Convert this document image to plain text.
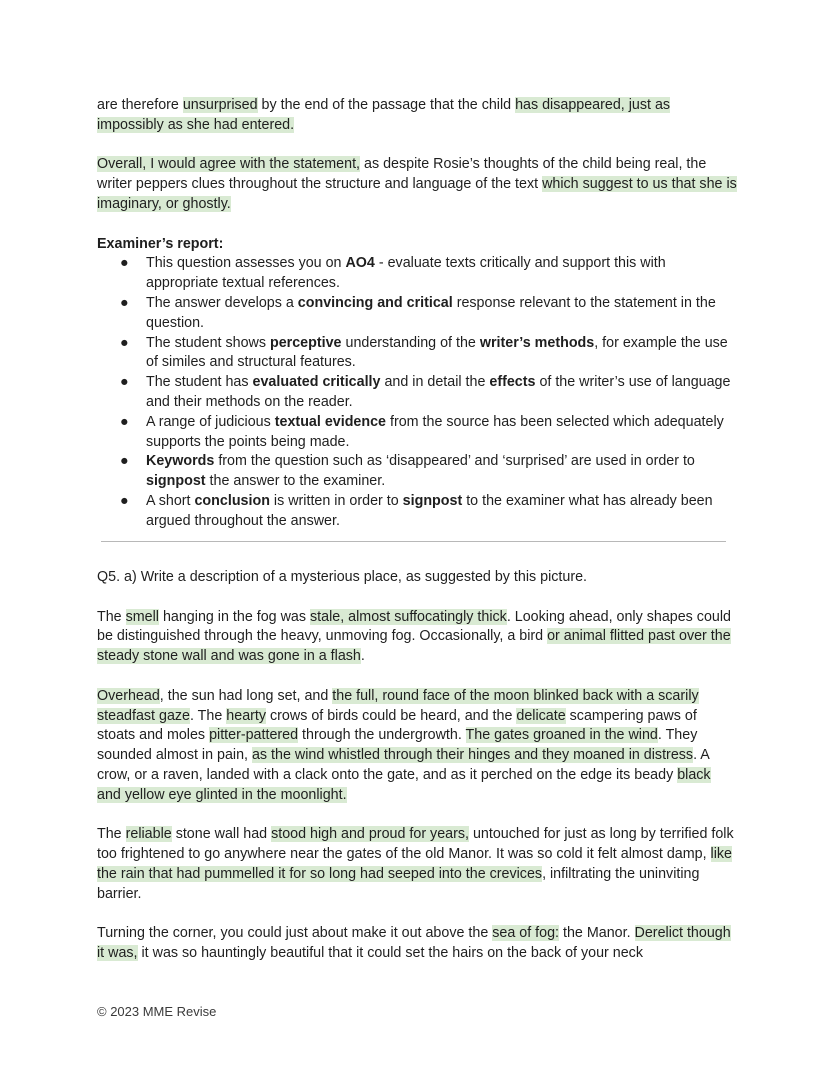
are therefore unsurprised by the end of the passage that the child has disappeared, just as impossibly as she had entered.

Overall, I would agree with the statement, as despite Rosie’s thoughts of the child being real, the writer peppers clues throughout the structure and language of the text which suggest to us that she is imaginary, or ghostly.

Examiner’s report:

● This question assesses you on AO4 - evaluate texts critically and support this with appropriate textual references.
● The answer develops a convincing and critical response relevant to the statement in the question.
● The student shows perceptive understanding of the writer’s methods, for example the use of similes and structural features.
● The student has evaluated critically and in detail the effects of the writer’s use of language and their methods on the reader.
● A range of judicious textual evidence from the source has been selected which adequately supports the points being made.
● Keywords from the question such as ‘disappeared’ and ‘surprised’ are used in order to signpost the answer to the examiner.
● A short conclusion is written in order to signpost to the examiner what has already been argued throughout the answer.

Q5. a) Write a description of a mysterious place, as suggested by this picture.

The smell hanging in the fog was stale, almost suffocatingly thick. Looking ahead, only shapes could be distinguished through the heavy, unmoving fog. Occasionally, a bird or animal flitted past over the steady stone wall and was gone in a flash.

Overhead, the sun had long set, and the full, round face of the moon blinked back with a scarily steadfast gaze. The hearty crows of birds could be heard, and the delicate scampering paws of stoats and moles pitter-pattered through the undergrowth. The gates groaned in the wind. They sounded almost in pain, as the wind whistled through their hinges and they moaned in distress. A crow, or a raven, landed with a clack onto the gate, and as it perched on the edge its beady black and yellow eye glinted in the moonlight.

The reliable stone wall had stood high and proud for years, untouched for just as long by terrified folk too frightened to go anywhere near the gates of the old Manor. It was so cold it felt almost damp, like the rain that had pummelled it for so long had seeped into the crevices, infiltrating the uninviting barrier.

Turning the corner, you could just about make it out above the sea of fog: the Manor. Derelict though it was, it was so hauntingly beautiful that it could set the hairs on the back of your neck

© 2023 MME Revise
